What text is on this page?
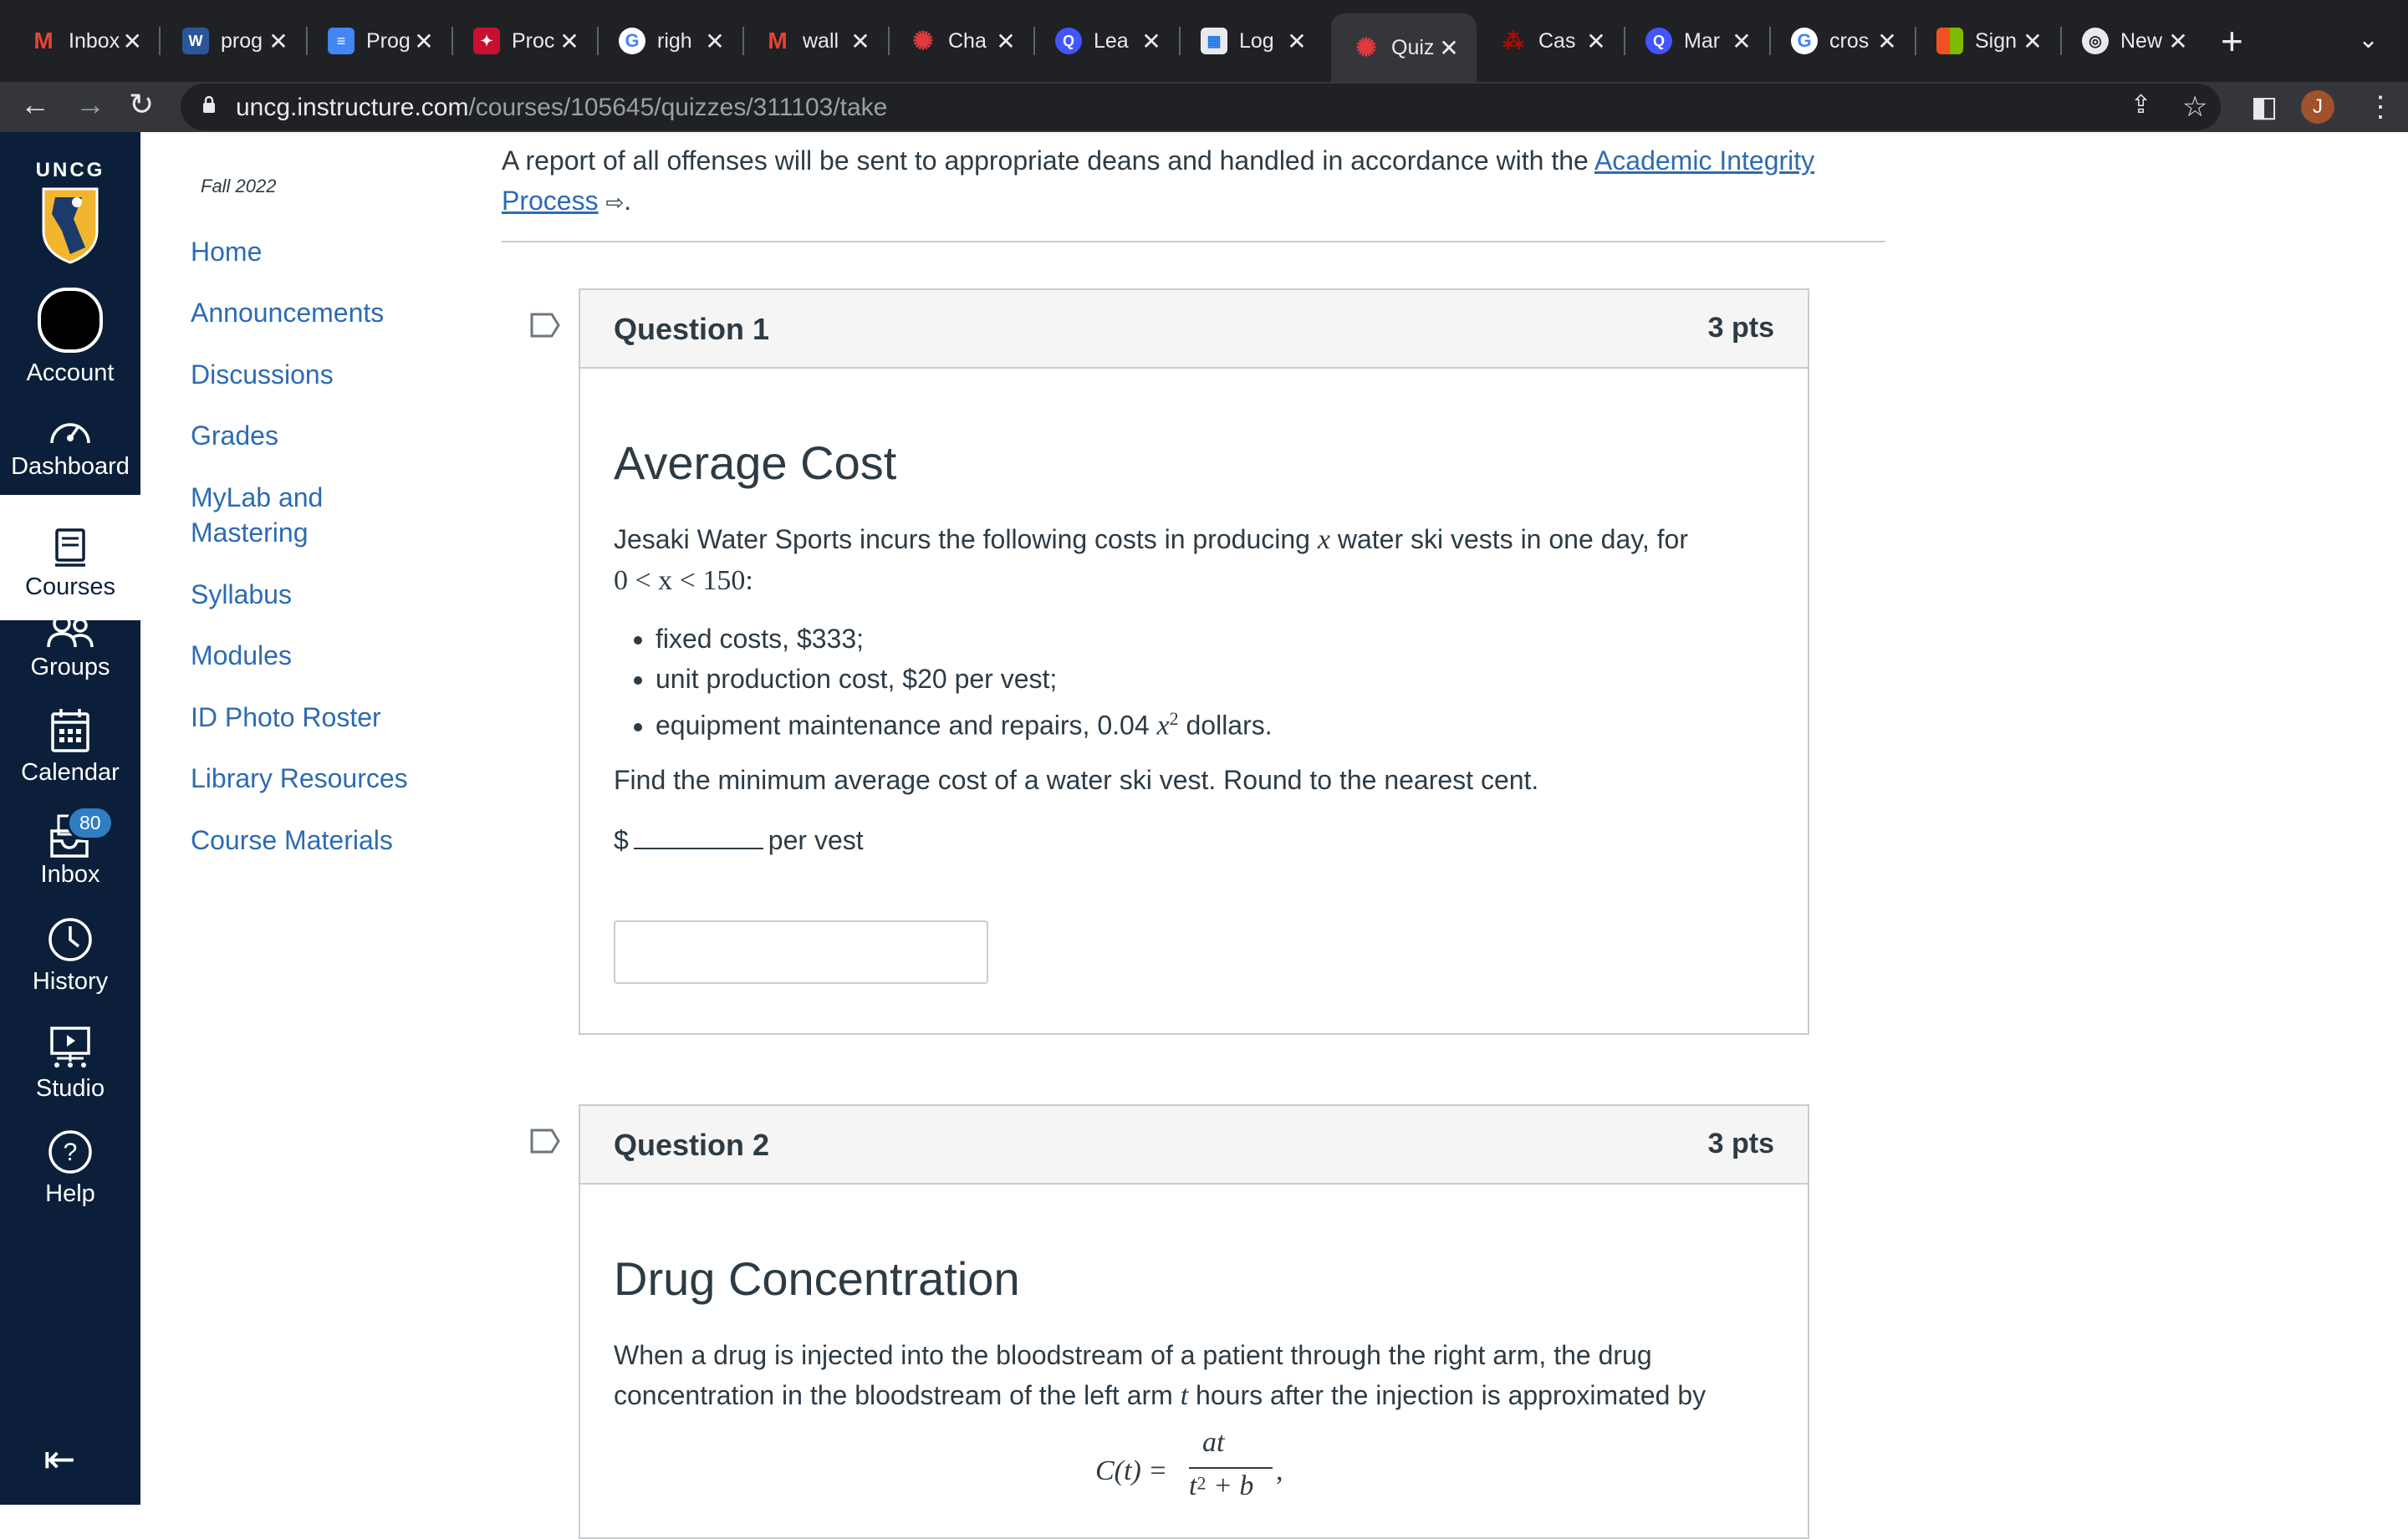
M Inbox ✕	W prog ✕	≡ Prog ✕	✦ Proc ✕	G righ ✕ M wall ✕ ✺ Cha ✕	Q Lea ✕	▦ Log ✕ ✺ Quiz ✕ ⁂ Cas ✕	Q Mar ✕	G cros ✕	Sign ✕	◎ New ✕ +	⌄
← → ↻	uncg.instructure.com/courses/105645/quizzes/311103/take	⇪ ☆ ◧	J	⋮
UNCG
Account
Dashboard
Courses
Groups
Calendar
80
Inbox
History
Studio
?
Help
⇤
Fall 2022
Home
Announcements
Discussions
Grades
MyLab and Mastering
Syllabus
Modules
ID Photo Roster
Library Resources
Course Materials
A report of all offenses will be sent to appropriate deans and handled in accordance with the Academic Integrity
Process ⇨.
Question 1	3 pts
Average Cost
Jesaki Water Sports incurs the following costs in producing x water ski vests in one day, for
0 < x < 150:
• fixed costs, $333;
• unit production cost, $20 per vest;
• equipment maintenance and repairs, 0.04 $x^2$ dollars.
Find the minimum average cost of a water ski vest. Round to the nearest cent.
$	per vest
Question 2	3 pts
Drug Concentration
When a drug is injected into the bloodstream of a patient through the right arm, the drug
concentration in the bloodstream of the left arm t hours after the injection is approximated by
C(t) =
at
$t^2 + b$ ,
